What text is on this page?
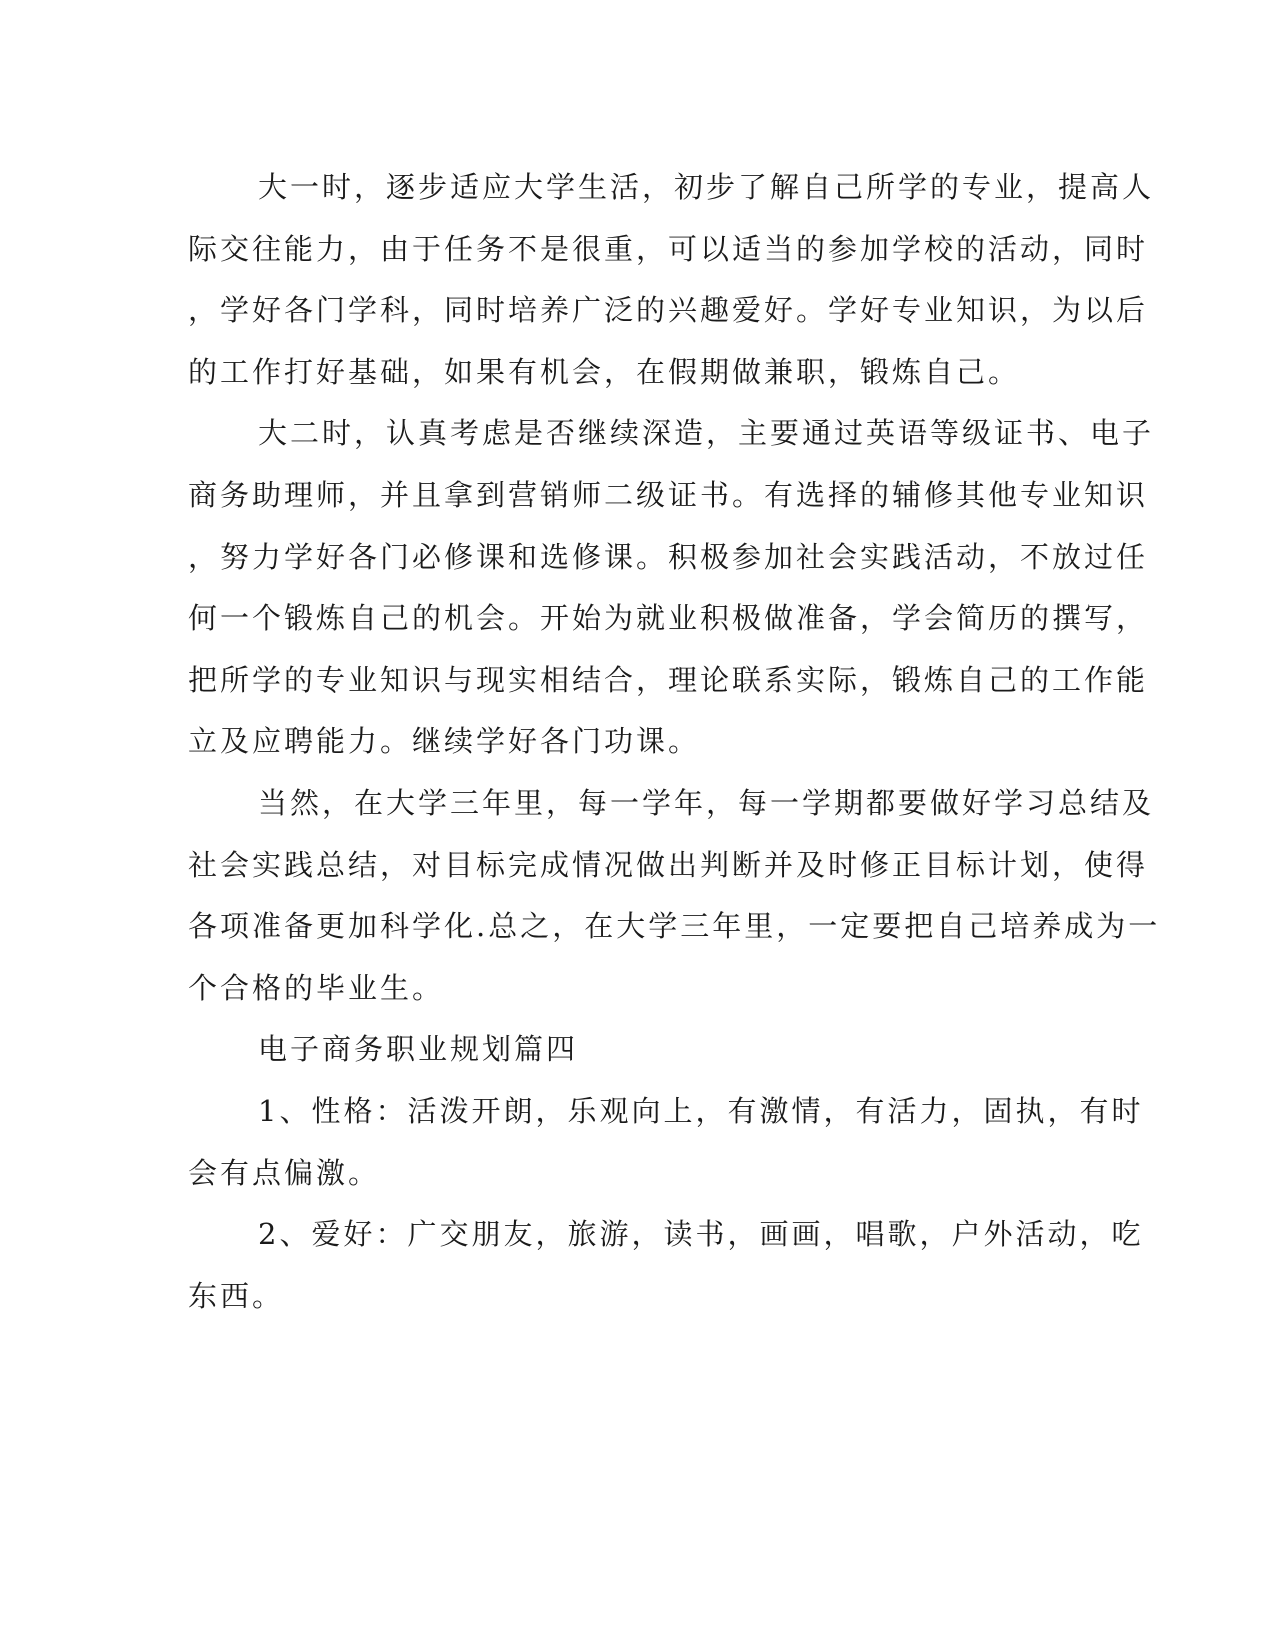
大一时，逐步适应大学生活，初步了解自己所学的专业，提高人
际交往能力，由于任务不是很重，可以适当的参加学校的活动，同时
，学好各门学科，同时培养广泛的兴趣爱好。学好专业知识，为以后
的工作打好基础，如果有机会，在假期做兼职，锻炼自己。
大二时，认真考虑是否继续深造，主要通过英语等级证书、电子
商务助理师，并且拿到营销师二级证书。有选择的辅修其他专业知识
，努力学好各门必修课和选修课。积极参加社会实践活动，不放过任
何一个锻炼自己的机会。开始为就业积极做准备，学会简历的撰写，
把所学的专业知识与现实相结合，理论联系实际，锻炼自己的工作能
立及应聘能力。继续学好各门功课。
当然，在大学三年里，每一学年，每一学期都要做好学习总结及
社会实践总结，对目标完成情况做出判断并及时修正目标计划，使得
各项准备更加科学化.总之，在大学三年里，一定要把自己培养成为一
个合格的毕业生。
电子商务职业规划篇四
1、性格：活泼开朗，乐观向上，有激情，有活力，固执，有时
会有点偏激。
2、爱好：广交朋友，旅游，读书，画画，唱歌，户外活动，吃
东西。
